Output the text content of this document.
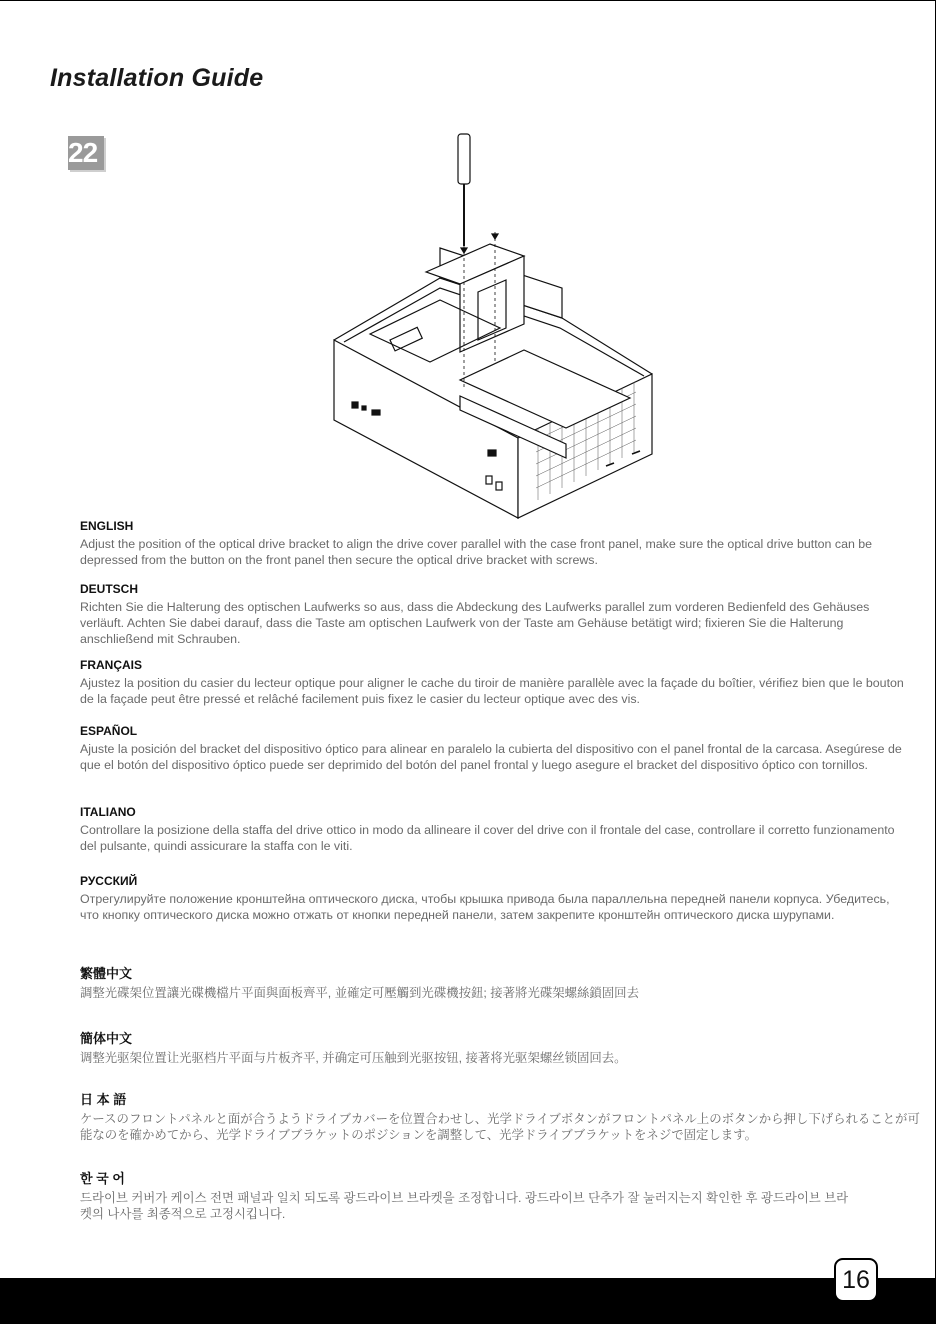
Installation Guide
22

ENGLISH

Adjust the position of the optical drive bracket to align the drive cover parallel with the case front panel, make sure the optical drive button can be depressed from the button on the front panel then secure the optical drive bracket with screws.

DEUTSCH

Richten Sie die Halterung des optischen Laufwerks so aus, dass die Abdeckung des Laufwerks parallel zum vorderen Bedienfeld des Gehäuses verläuft. Achten Sie dabei darauf, dass die Taste am optischen Laufwerk von der Taste am Gehäuse betätigt wird; fixieren Sie die Halterung anschließend mit Schrauben.

FRANÇAIS

Ajustez la position du casier du lecteur optique pour aligner le cache du tiroir de manière parallèle avec la façade du boîtier, vérifiez bien que le bouton de la façade peut être pressé et relâché facilement puis fixez le casier du lecteur optique avec des vis.

ESPAÑOL

Ajuste la posición del bracket del dispositivo óptico para alinear en paralelo la cubierta del dispositivo con el panel frontal de la carcasa. Asegúrese de que el botón del dispositivo óptico puede ser deprimido del botón del panel frontal y luego asegure el bracket del dispositivo óptico con tornillos.

ITALIANO

Controllare la posizione della staffa del drive ottico in modo da allineare il cover del drive con il frontale del case, controllare il corretto funzionamento del pulsante, quindi assicurare la staffa con le viti.

РУССКИЙ

Отрегулируйте положение кронштейна оптического диска, чтобы крышка привода была параллельна передней панели корпуса. Убедитесь, что кнопку оптического диска можно отжать от кнопки передней панели, затем закрепите кронштейн оптического диска шурупами.

繁體中文

調整光碟架位置讓光碟機檔片平面與面板齊平, 並確定可壓觸到光碟機按鈕; 接著將光碟架螺絲鎖固回去

簡体中文

调整光驱架位置让光驱档片平面与片板齐平, 并确定可压触到光驱按钮, 接著将光驱架螺丝锁固回去。

日 本 語

ケースのフロントパネルと面が合うようドライブカバーを位置合わせし、光学ドライブボタンがフロントパネル上のボタンから押し下げられることが可能なのを確かめてから、光学ドライブブラケットのポジションを調整して、光学ドライブブラケットをネジで固定します。

한 국 어

드라이브 커버가 케이스 전면 패널과 일치 되도록 광드라이브 브라켓을 조정합니다. 광드라이브 단추가 잘 눌러지는지 확인한 후 광드라이브 브라켓의 나사를 최종적으로 고정시킵니다.

16
